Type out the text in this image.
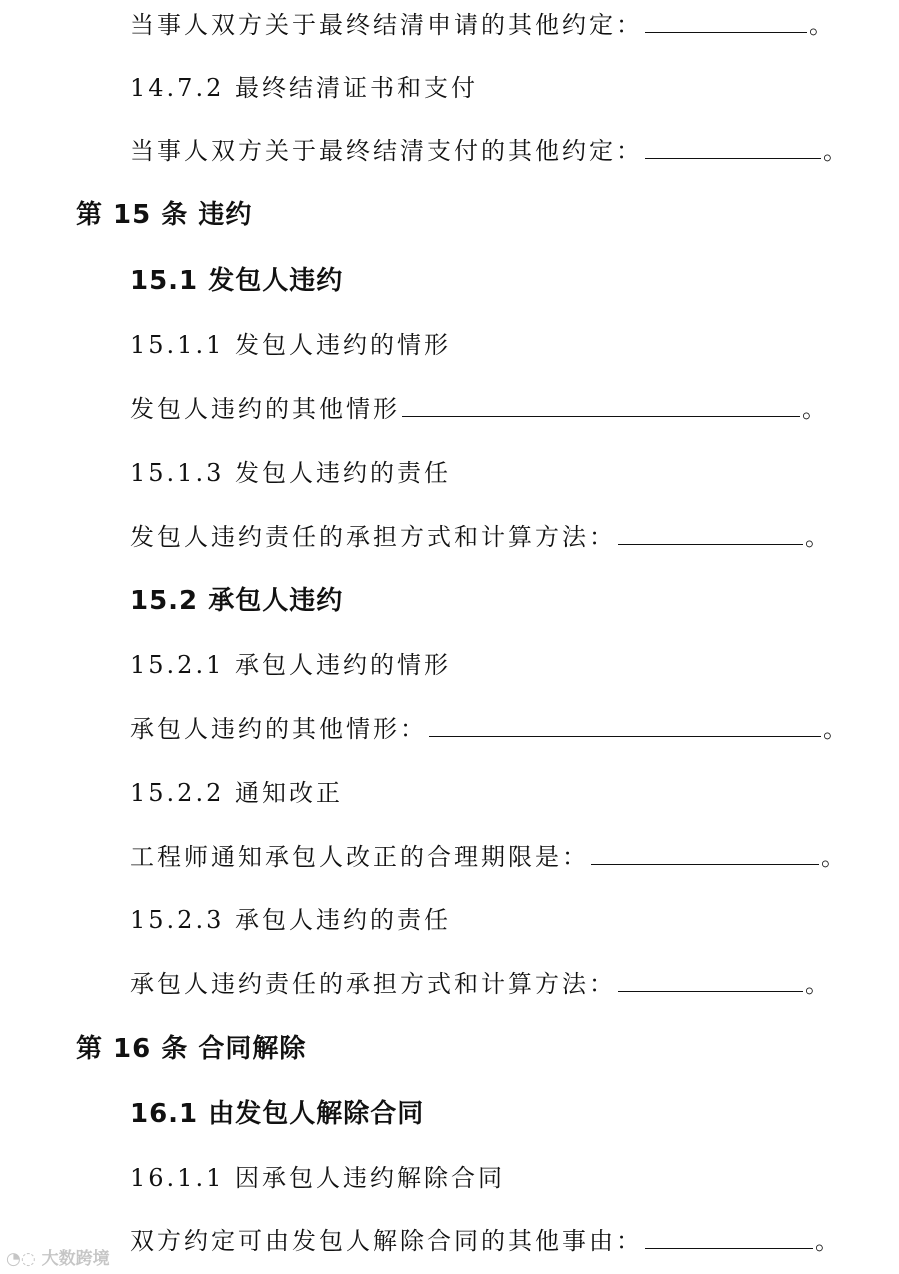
当事人双方关于最终结清申请的其他约定：	。
14.7.2 最终结清证书和支付
当事人双方关于最终结清支付的其他约定：	。
第 15 条 违约
15.1 发包人违约
15.1.1 发包人违约的情形
发包人违约的其他情形	。
15.1.3 发包人违约的责任
发包人违约责任的承担方式和计算方法：	。
15.2 承包人违约
15.2.1 承包人违约的情形
承包人违约的其他情形：	。
15.2.2 通知改正
工程师通知承包人改正的合理期限是：	。
15.2.3 承包人违约的责任
承包人违约责任的承担方式和计算方法：	。
第 16 条 合同解除
16.1 由发包人解除合同
16.1.1 因承包人违约解除合同
双方约定可由发包人解除合同的其他事由：	。
◔◌ 大数跨境
